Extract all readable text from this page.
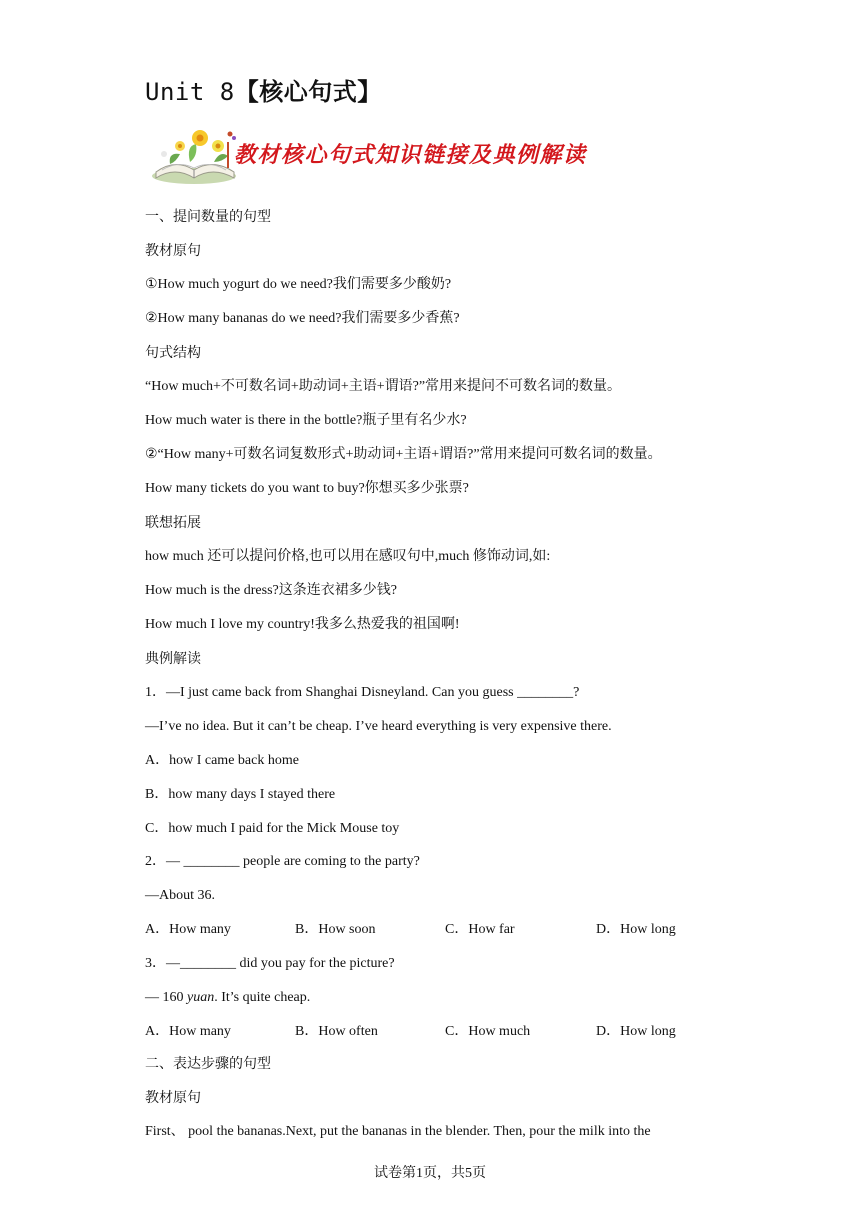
Unit 8【核心句式】
教材核心句式知识链接及典例解读
一、提问数量的句型
教材原句
①How much yogurt do we need?我们需要多少酸奶?
②How many bananas do we need?我们需要多少香蕉?
句式结构
“How much+不可数名词+助动词+主语+谓语?”常用来提问不可数名词的数量。
How much water is there in the bottle?瓶子里有名少水?
②“How many+可数名词复数形式+助动词+主语+谓语?”常用来提问可数名词的数量。
How many tickets do you want to buy?你想买多少张票?
联想拓展
how much 还可以提问价格,也可以用在感叹句中,much 修饰动词,如:
How much is the dress?这条连衣裙多少钱?
How much I love my country!我多么热爱我的祖国啊!
典例解读
1．—I just came back from Shanghai Disneyland. Can you guess ________?
—I’ve no idea. But it can’t be cheap. I’ve heard everything is very expensive there.
A．how I came back home
B．how many days I stayed there
C．how much I paid for the Mick Mouse toy
2．— ________ people are coming to the party?
—About 36.
A．How many	B．How soon	C．How far	D．How long
3．—________ did you pay for the picture?
— 160 yuan. It’s quite cheap.
A．How many	B．How often	C．How much	D．How long
二、表达步骤的句型
教材原句
First、 pool the bananas.Next, put the bananas in the blender. Then, pour the milk into the
试卷第1页，共5页
